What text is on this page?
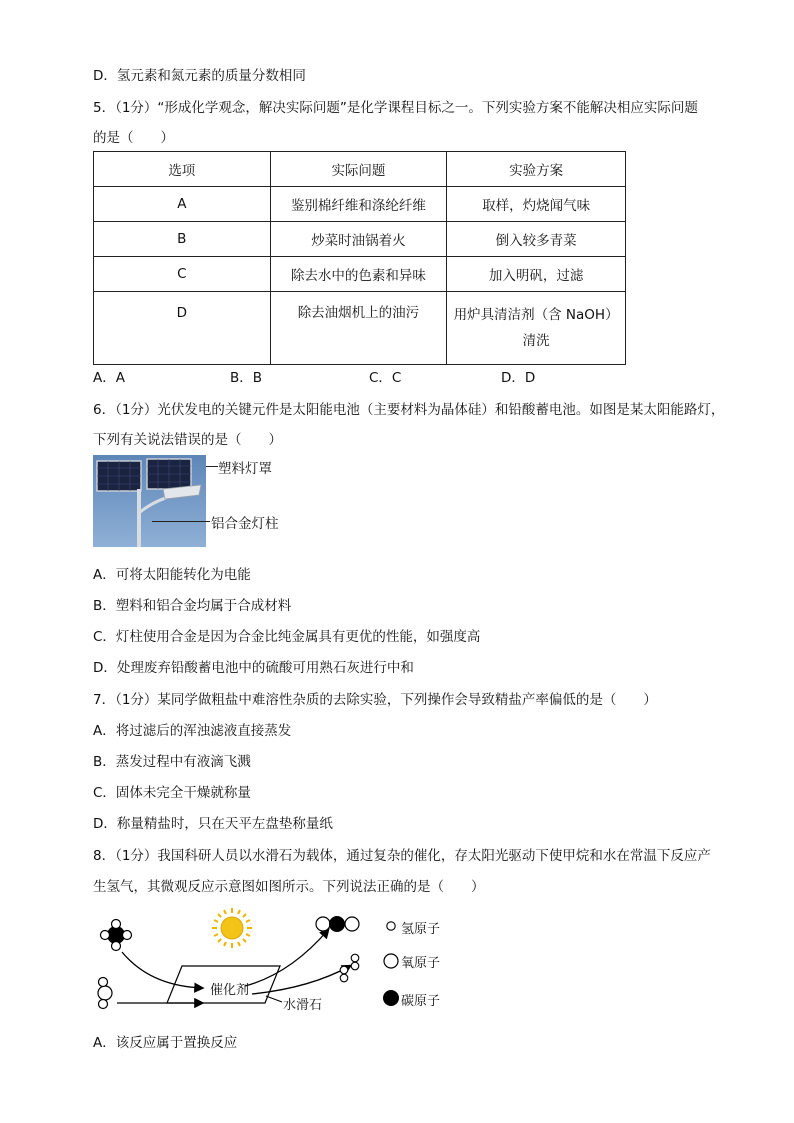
D．氢元素和氮元素的质量分数相同
5．（1分）“形成化学观念，解决实际问题”是化学课程目标之一。下列实验方案不能解决相应实际问题
的是（　　）
选项	实际问题	实验方案
A	鉴别棉纤维和涤纶纤维	取样，灼烧闻气味
B	炒菜时油锅着火	倒入较多青菜
C	除去水中的色素和异味	加入明矾，过滤
D	除去油烟机上的油污	用炉具清洁剂（含 NaOH）清洗
A．A	B．B	C．C	D．D
6．（1分）光伏发电的关键元件是太阳能电池（主要材料为晶体硅）和铅酸蓄电池。如图是某太阳能路灯，
下列有关说法错误的是（　　）
塑料灯罩
铝合金灯柱
A．可将太阳能转化为电能
B．塑料和铝合金均属于合成材料
C．灯柱使用合金是因为合金比纯金属具有更优的性能，如强度高
D．处理废弃铅酸蓄电池中的硫酸可用熟石灰进行中和
7．（1分）某同学做粗盐中难溶性杂质的去除实验，下列操作会导致精盐产率偏低的是（　　）
A．将过滤后的浑浊滤液直接蒸发
B．蒸发过程中有液滴飞溅
C．固体未完全干燥就称量
D．称量精盐时，只在天平左盘垫称量纸
8．（1分）我国科研人员以水滑石为载体，通过复杂的催化，存太阳光驱动下使甲烷和水在常温下反应产
生氢气，其微观反应示意图如图所示。下列说法正确的是（　　）
催化剂
水滑石
氢原子
氧原子
碳原子
A．该反应属于置换反应
